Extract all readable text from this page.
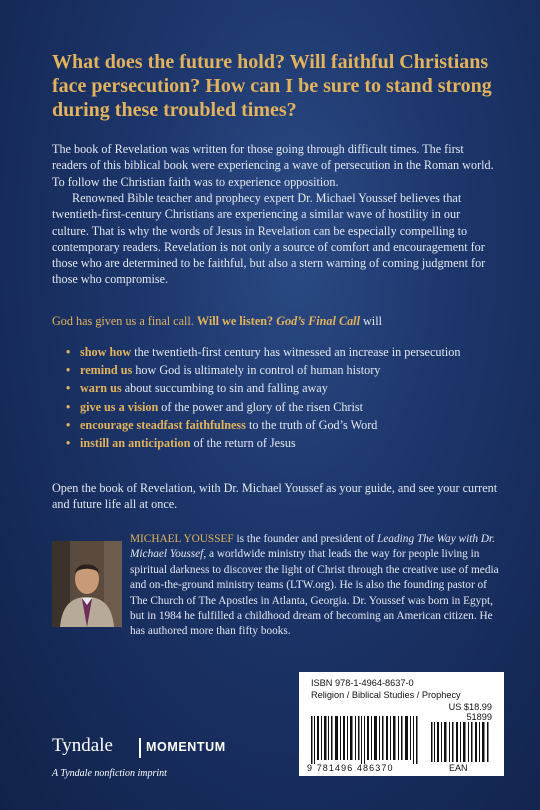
What does the future hold? Will faithful Christians face persecution? How can I be sure to stand strong during these troubled times?
The book of Revelation was written for those going through difficult times. The first readers of this biblical book were experiencing a wave of persecution in the Roman world. To follow the Christian faith was to experience opposition.
Renowned Bible teacher and prophecy expert Dr. Michael Youssef believes that twentieth-first-century Christians are experiencing a similar wave of hostility in our culture. That is why the words of Jesus in Revelation can be especially compelling to contemporary readers. Revelation is not only a source of comfort and encouragement for those who are determined to be faithful, but also a stern warning of coming judgment for those who compromise.
God has given us a final call. Will we listen? God’s Final Call will
• show how the twentieth-first century has witnessed an increase in persecution
• remind us how God is ultimately in control of human history
• warn us about succumbing to sin and falling away
• give us a vision of the power and glory of the risen Christ
• encourage steadfast faithfulness to the truth of God’s Word
• instill an anticipation of the return of Jesus
Open the book of Revelation, with Dr. Michael Youssef as your guide, and see your current and future life all at once.
MICHAEL YOUSSEF is the founder and president of Leading The Way with Dr. Michael Youssef, a worldwide ministry that leads the way for people living in spiritual darkness to discover the light of Christ through the creative use of media and on-the-ground ministry teams (LTW.org). He is also the founding pastor of The Church of The Apostles in Atlanta, Georgia. Dr. Youssef was born in Egypt, but in 1984 he fulfilled a childhood dream of becoming an American citizen. He has authored more than fifty books.
ISBN 978-1-4964-8637-0
Religion / Biblical Studies / Prophecy
US $18.99
51899
9 781496 486370	EAN
Tyndale	MOMENTUM
A Tyndale nonfiction imprint
